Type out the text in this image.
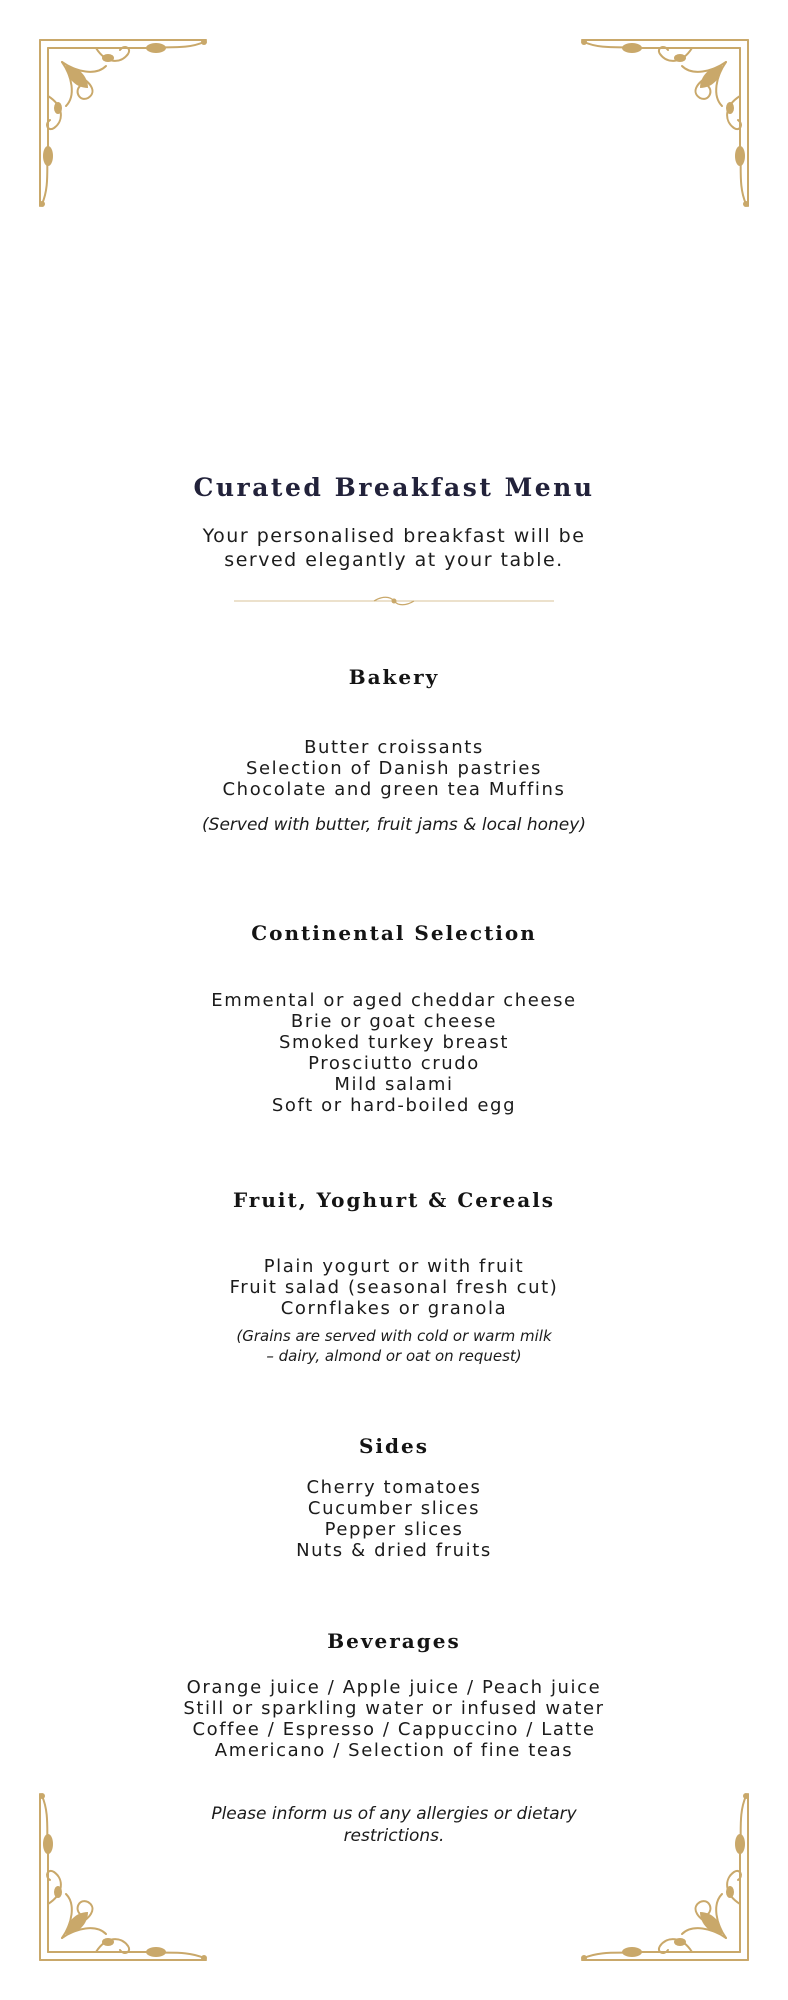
Curated Breakfast Menu
Your personalised breakfast will be
served elegantly at your table.
Bakery
Butter croissants
Selection of Danish pastries
Chocolate and green tea Muffins
(Served with butter, fruit jams & local honey)
Continental Selection
Emmental or aged cheddar cheese
Brie or goat cheese
Smoked turkey breast
Prosciutto crudo
Mild salami
Soft or hard-boiled egg
Fruit, Yoghurt & Cereals
Plain yogurt or with fruit
Fruit salad (seasonal fresh cut)
Cornflakes or granola
(Grains are served with cold or warm milk
– dairy, almond or oat on request)
Sides
Cherry tomatoes
Cucumber slices
Pepper slices
Nuts & dried fruits
Beverages
Orange juice / Apple juice / Peach juice
Still or sparkling water or infused water
Coffee / Espresso / Cappuccino / Latte
Americano / Selection of fine teas
Please inform us of any allergies or dietary
restrictions.
